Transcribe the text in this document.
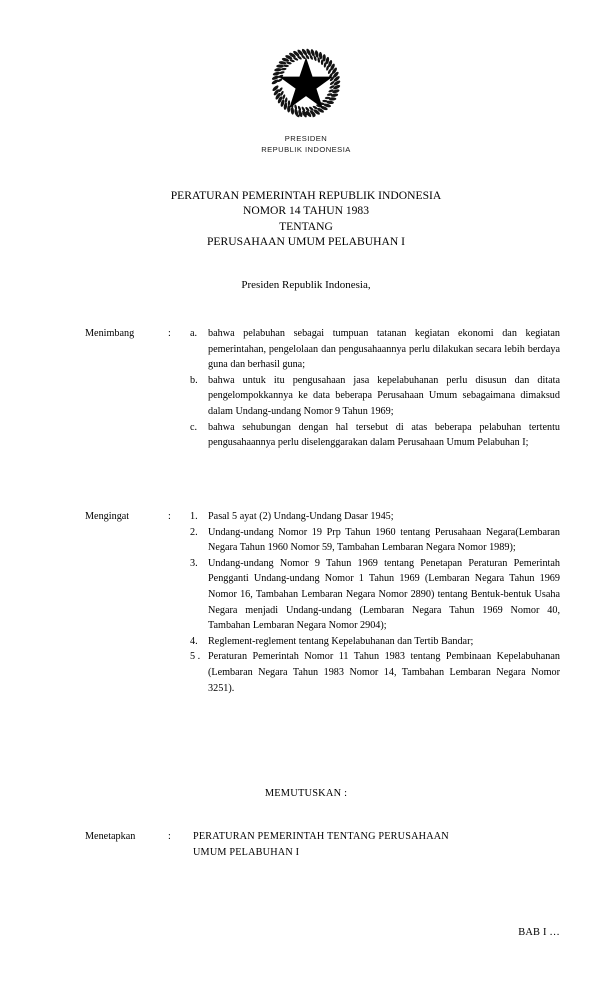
PRESIDEN
REPUBLIK INDONESIA
PERATURAN PEMERINTAH REPUBLIK INDONESIA
NOMOR 14 TAHUN 1983
TENTANG
PERUSAHAAN UMUM PELABUHAN I
Presiden Republik Indonesia,
Menimbang	:	a.	bahwa pelabuhan sebagai tumpuan tatanan kegiatan ekonomi dan kegiatan pemerintahan, pengelolaan dan pengusahaannya perlu dilakukan secara lebih berdaya guna dan berhasil guna;
b.	bahwa untuk itu pengusahaan jasa kepelabuhanan perlu disusun dan ditata pengelompokkannya ke data beberapa Perusahaan Umum sebagaimana dimaksud dalam Undang-undang Nomor 9 Tahun 1969;
c.	bahwa sehubungan dengan hal tersebut di atas beberapa pelabuhan tertentu pengusahaannya perlu diselenggarakan dalam Perusahaan Umum Pelabuhan I;
Mengingat	:	1.	Pasal 5 ayat (2) Undang-Undang Dasar 1945;
2.	Undang-undang Nomor 19 Prp Tahun 1960 tentang Perusahaan Negara(Lembaran Negara Tahun 1960 Nomor 59, Tambahan Lembaran Negara Nomor 1989);
3.	Undang-undang Nomor 9 Tahun 1969 tentang Penetapan Peraturan Pemerintah Pengganti Undang-undang Nomor 1 Tahun 1969 (Lembaran Negara Tahun 1969 Nomor 16, Tambahan Lembaran Negara Nomor 2890) tentang Bentuk-bentuk Usaha Negara menjadi Undang-undang (Lembaran Negara Tahun 1969 Nomor 40, Tambahan Lembaran Negara Nomor 2904);
4.	Reglement-reglement tentang Kepelabuhanan dan Tertib Bandar;
5 . Peraturan Pemerintah Nomor 11 Tahun 1983 tentang Pembinaan Kepelabuhanan (Lembaran Negara Tahun 1983 Nomor 14, Tambahan Lembaran Negara Nomor 3251).
MEMUTUSKAN :
Menetapkan	:	PERATURAN PEMERINTAH TENTANG PERUSAHAAN
UMUM PELABUHAN I
BAB I …
